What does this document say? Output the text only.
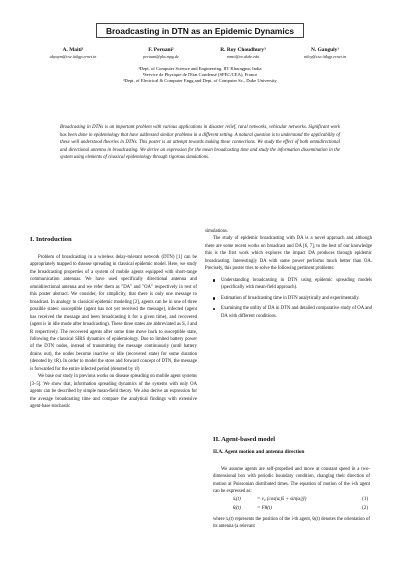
Broadcasting in DTN as an Epidemic Dynamics
A. Maiti¹
abyaym@cse.iitkgp.ernet.in
F. Peruani²
peruani@pks.mpg.de
R. Roy Choudhury³
romit@ee.duke.edu
N. Ganguly¹
niloy@cse.iitkgp.ernet.in
¹Dept. of Computer Science and Engineering, IIT Kharagpur, India
²Service de Physique de l'Etat Condensé (SPEC/CEA), France
³Dept. of Electrical & Computer Engg and Dept. of Computer Sc., Duke University
Broadcasting in DTNs is an important problem with various applications in disaster relief, rural networks, vehicular networks. Significant work has been done in epidemiology that have addressed similar problems in a different setting. A natural question is to understand the applicability of these well understood theories in DTNs. This poster is an attempt towards making these connections. We study the effect of both omnidirectional and directional antenna in broadcasting. We derive an expression for the mean broadcasting time and study the information dissemination in the system using elements of classical epidemiology through rigorous simulations.
I. Introduction

Problem of broadcasting in a wireless delay-tolerant network (DTN) [1] can be appropriately mapped to disease spreading in classical epidemic model. Here, we study the broadcasting properties of a system of mobile agents equipped with short-range communication antennas. We have used specifically directional antenna and omnidirectional antenna and we refer them as "DA" and "OA" respectively in rest of this poster abstract. We consider, for simplicity, that there is only one message to broadcast. In analogy to classical epidemic modeling [2], agents can be in one of three possible states: susceptible (agent has not yet received the message), infected (agent has received the message and been broadcasting it for a given time), and recovered (agent is in idle mode after broadcasting). These three states are abbreviated as S, I and R respectively. The recovered agents after some time move back to susceptible state, following the classical SIRS dynamics of epidemiology. Due to limited battery power of the DTN nodes, instead of transmitting the message continuously (until battery drains out), the nodes become inactive or idle (recovered state) for some duration (denoted by τR). In order to model the store and forward concept of DTN, the message is forwarded for the entire infected period (denoted by τI)

We base our study in previous works on disease spreading on mobile agent systems [3–5]. We show that, information spreading dynamics of the systems with only OA agents can be described by simple mean-field theory. We also derive an expression for the average broadcasting time and compare the analytical findings with extensive agent-base stochastic

simulations.

The study of epidemic broadcasting with DA is a novel approach and although there are some recent works on broadcast and DA [6, 7], to the best of our knowledge this is the first work which explores the impact DA produces through epidemic broadcasting. Interestingly DA with same power performs much better than OA. Precisely, this poster tries to solve the following pertinent problems:

Understanding broadcasting in DTN using epidemic spreading models (specifically with mean-field approach).
Estimation of broadcasting time in DTN analytically and experimentally.
Examining the utility of DA in DTN and detailed comparative study of OA and DA with different conditions.
II. Agent-based model
II.A. Agent motion and antenna direction

We assume agents are self-propelled and move at constant speed in a two-dimensional box with periodic boundary condition, changing their direction of motion at Poissonian distributed times. The equation of motion of the i-th agent can be expressed as:

ẋᵢ(t)	= v₀ (cos(αᵢ)x̂ + sin(αᵢ)ŷ)	(1)
θ̇ᵢ(t)	= Fθ(t)	(2)

where xᵢ(t) represents the position of the i-th agent, θᵢ(t) denotes the orientation of its antenna (a relevant
